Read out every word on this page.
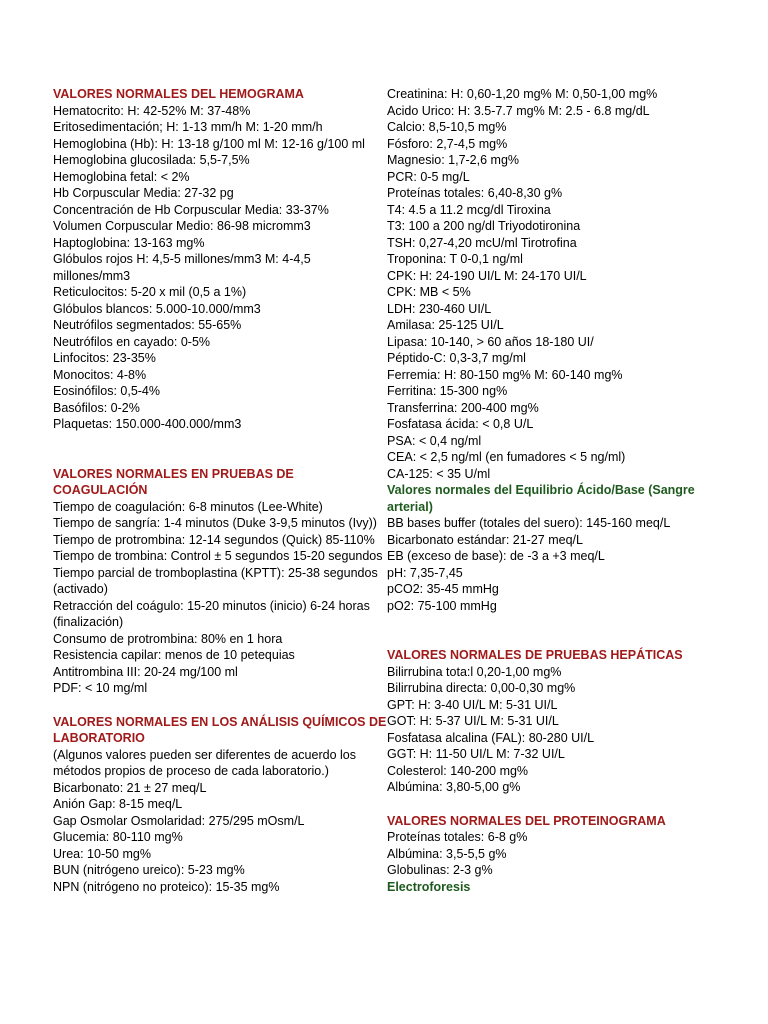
VALORES NORMALES DEL HEMOGRAMA
Hematocrito: H: 42-52% M: 37-48%
Eritosedimentación; H: 1-13 mm/h M: 1-20 mm/h
Hemoglobina (Hb): H: 13-18 g/100 ml M: 12-16 g/100 ml
Hemoglobina glucosilada: 5,5-7,5%
Hemoglobina fetal: < 2%
Hb Corpuscular Media: 27-32 pg
Concentración de Hb Corpuscular Media: 33-37%
Volumen Corpuscular Medio: 86-98 micromm3
Haptoglobina: 13-163 mg%
Glóbulos rojos H: 4,5-5 millones/mm3 M: 4-4,5 millones/mm3
Reticulocitos: 5-20 x mil (0,5 a 1%)
Glóbulos blancos: 5.000-10.000/mm3
Neutrófilos segmentados: 55-65%
Neutrófilos en cayado: 0-5%
Linfocitos: 23-35%
Monocitos: 4-8%
Eosinófilos: 0,5-4%
Basófilos: 0-2%
Plaquetas: 150.000-400.000/mm3
VALORES NORMALES EN PRUEBAS DE COAGULACIÓN
Tiempo de coagulación: 6-8 minutos (Lee-White)
Tiempo de sangría: 1-4 minutos (Duke 3-9,5 minutos (Ivy))
Tiempo de protrombina: 12-14 segundos (Quick) 85-110%
Tiempo de trombina: Control ± 5 segundos 15-20 segundos
Tiempo parcial de tromboplastina (KPTT): 25-38 segundos (activado)
Retracción del coágulo: 15-20 minutos (inicio) 6-24 horas (finalización)
Consumo de protrombina: 80% en 1 hora
Resistencia capilar: menos de 10 petequias
Antitrombina III: 20-24 mg/100 ml
PDF: < 10 mg/ml
VALORES NORMALES EN LOS ANÁLISIS QUÍMICOS DE LABORATORIO
(Algunos valores pueden ser diferentes de acuerdo los métodos propios de proceso de cada laboratorio.)
Bicarbonato: 21 ± 27 meq/L
Anión Gap: 8-15 meq/L
Gap Osmolar Osmolaridad: 275/295 mOsm/L
Glucemia: 80-110 mg%
Urea: 10-50 mg%
BUN (nitrógeno ureico): 5-23 mg%
NPN (nitrógeno no proteico): 15-35 mg%
Creatinina: H: 0,60-1,20 mg% M: 0,50-1,00 mg%
Acido Urico: H: 3.5-7.7 mg% M: 2.5 - 6.8 mg/dL
Calcio: 8,5-10,5 mg%
Fósforo: 2,7-4,5 mg%
Magnesio: 1,7-2,6 mg%
PCR: 0-5 mg/L
Proteínas totales: 6,40-8,30 g%
T4: 4.5 a 11.2 mcg/dl Tiroxina
T3: 100 a 200 ng/dl Triyodotironina
TSH: 0,27-4,20 mcU/ml Tirotrofina
Troponina: T 0-0,1 ng/ml
CPK: H: 24-190 UI/L M: 24-170 UI/L
CPK: MB < 5%
LDH: 230-460 UI/L
Amilasa: 25-125 UI/L
Lipasa: 10-140, > 60 años 18-180 UI/
Péptido-C: 0,3-3,7 mg/ml
Ferremia: H: 80-150 mg% M: 60-140 mg%
Ferritina: 15-300 ng%
Transferrina: 200-400 mg%
Fosfatasa ácida: < 0,8 U/L
PSA: < 0,4 ng/ml
CEA: < 2,5 ng/ml (en fumadores < 5 ng/ml)
CA-125: < 35 U/ml
Valores normales del Equilibrio Ácido/Base (Sangre arterial)
BB bases buffer (totales del suero): 145-160 meq/L
Bicarbonato estándar: 21-27 meq/L
EB (exceso de base): de -3 a +3 meq/L
pH: 7,35-7,45
pCO2: 35-45 mmHg
pO2: 75-100 mmHg
VALORES NORMALES DE PRUEBAS HEPÁTICAS
Bilirrubina tota:l 0,20-1,00 mg%
Bilirrubina directa: 0,00-0,30 mg%
GPT: H: 3-40 UI/L M: 5-31 UI/L
GOT: H: 5-37 UI/L M: 5-31 UI/L
Fosfatasa alcalina (FAL): 80-280 UI/L
GGT: H: 11-50 UI/L M: 7-32 UI/L
Colesterol: 140-200 mg%
Albúmina: 3,80-5,00 g%
VALORES NORMALES DEL PROTEINOGRAMA
Proteínas totales: 6-8 g%
Albúmina: 3,5-5,5 g%
Globulinas: 2-3 g%
Electroforesis
